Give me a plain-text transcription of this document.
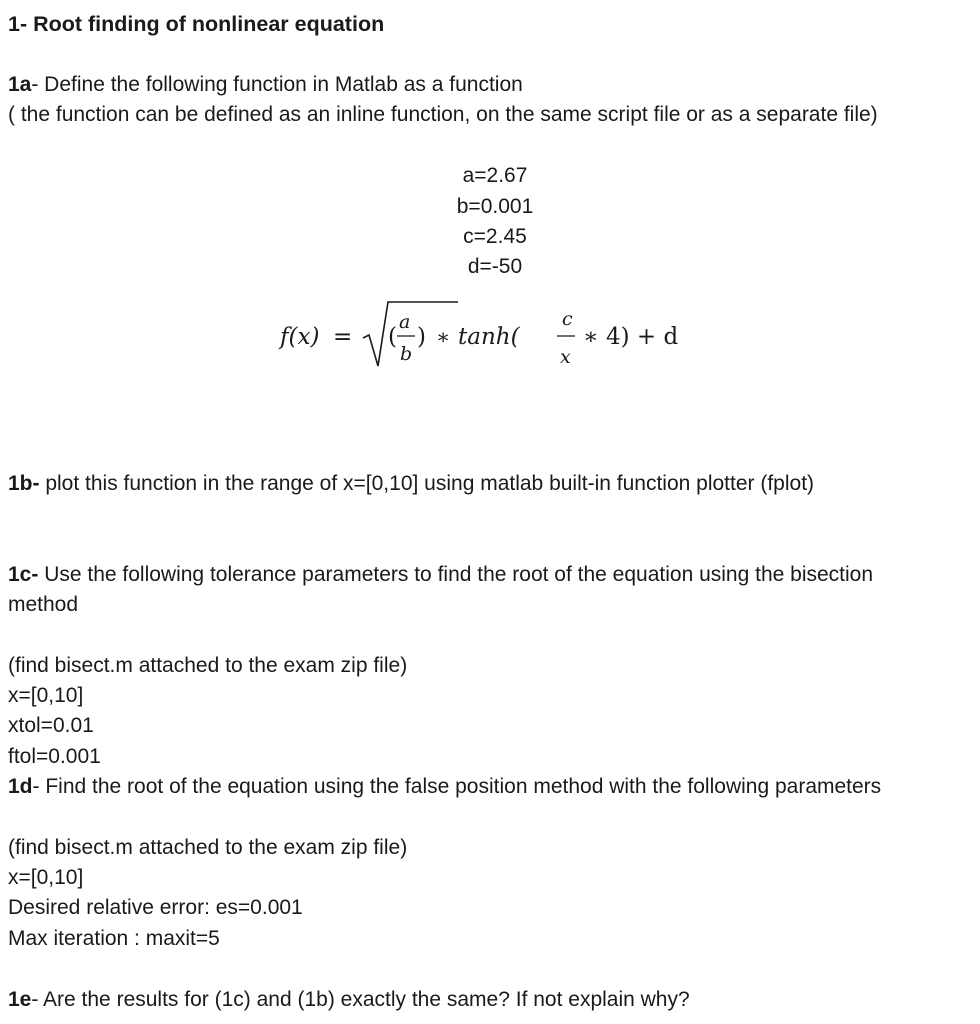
1- Root finding of nonlinear equation
1a- Define the following function in Matlab as a function
( the function can be defined as an inline function, on the same script file or as a separate file)
a=2.67
b=0.001
c=2.45
d=-50
f(x) = (
a
b
) ∗ tanh(
c
x
∗ 4) + d
1b- plot this function in the range of x=[0,10] using matlab built-in function plotter (fplot)
1c- Use the following tolerance parameters to find the root of the equation using the bisection
method
(find bisect.m attached to the exam zip file)
x=[0,10]
xtol=0.01
ftol=0.001
1d- Find the root of the equation using the false position method with the following parameters
(find bisect.m attached to the exam zip file)
x=[0,10]
Desired relative error: es=0.001
Max iteration : maxit=5
1e- Are the results for (1c) and (1b) exactly the same? If not explain why?
